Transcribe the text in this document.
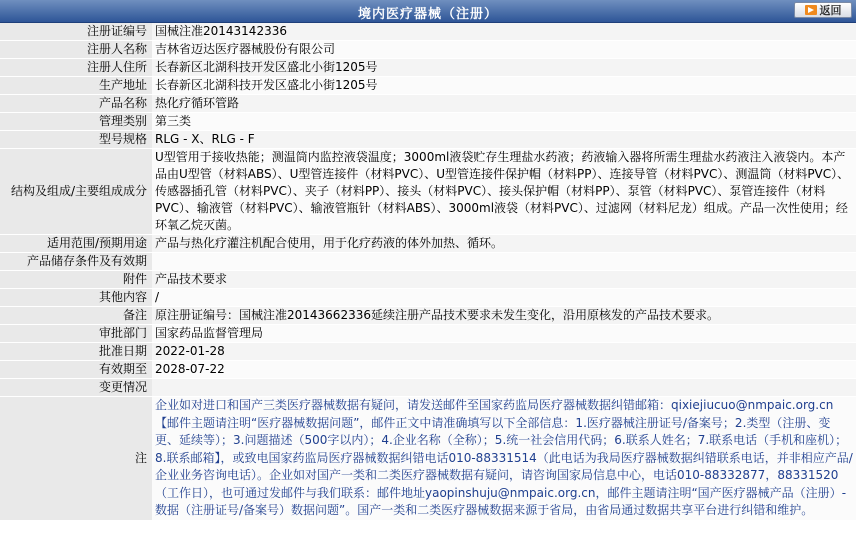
境内医疗器械（注册）	返回
注册证编号	国械注准20143142336
注册人名称	吉林省迈达医疗器械股份有限公司
注册人住所	长春新区北湖科技开发区盛北小街1205号
生产地址	长春新区北湖科技开发区盛北小街1205号
产品名称	热化疗循环管路
管理类别	第三类
型号规格	RLG - X、RLG - F
结构及组成/主要组成成分	U型管用于接收热能；测温筒内监控液袋温度；3000ml液袋贮存生理盐水药液；药液输入器将所需生理盐水药液注入液袋内。本产品由U型管（材料ABS）、U型管连接件（材料PVC）、U型管连接件保护帽（材料PP）、连接导管（材料PVC）、测温筒（材料PVC）、传感器插孔管（材料PVC）、夹子（材料PP）、接头（材料PVC）、接头保护帽（材料PP）、泵管（材料PVC）、泵管连接件（材料PVC）、输液管（材料PVC）、输液管瓶针（材料ABS）、3000ml液袋（材料PVC）、过滤网（材料尼龙）组成。产品一次性使用；经环氧乙烷灭菌。
适用范围/预期用途	产品与热化疗灌注机配合使用，用于化疗药液的体外加热、循环。
产品储存条件及有效期	
附件	产品技术要求
其他内容	/
备注	原注册证编号：国械注准20143662336延续注册产品技术要求未发生变化，沿用原核发的产品技术要求。
审批部门	国家药品监督管理局
批准日期	2022-01-28
有效期至	2028-07-22
变更情况	
注	企业如对进口和国产三类医疗器械数据有疑问，请发送邮件至国家药监局医疗器械数据纠错邮箱：qixiejiucuo@nmpaic.org.cn【邮件主题请注明“医疗器械数据问题”，邮件正文中请准确填写以下全部信息：1.医疗器械注册证号/备案号；2.类型（注册、变更、延续等）；3.问题描述（500字以内）；4.企业名称（全称）；5.统一社会信用代码；6.联系人姓名；7.联系电话（手机和座机）；8.联系邮箱】，或致电国家药监局医疗器械数据纠错电话010-88331514（此电话为我局医疗器械数据纠错联系电话，并非相应产品/企业业务咨询电话）。企业如对国产一类和二类医疗器械数据有疑问，请咨询国家局信息中心，电话010-88332877，88331520（工作日），也可通过发邮件与我们联系：邮件地址yaopinshuju@nmpaic.org.cn，邮件主题请注明“国产医疗器械产品（注册）-数据（注册证号/备案号）数据问题”。国产一类和二类医疗器械数据来源于省局，由省局通过数据共享平台进行纠错和维护。
